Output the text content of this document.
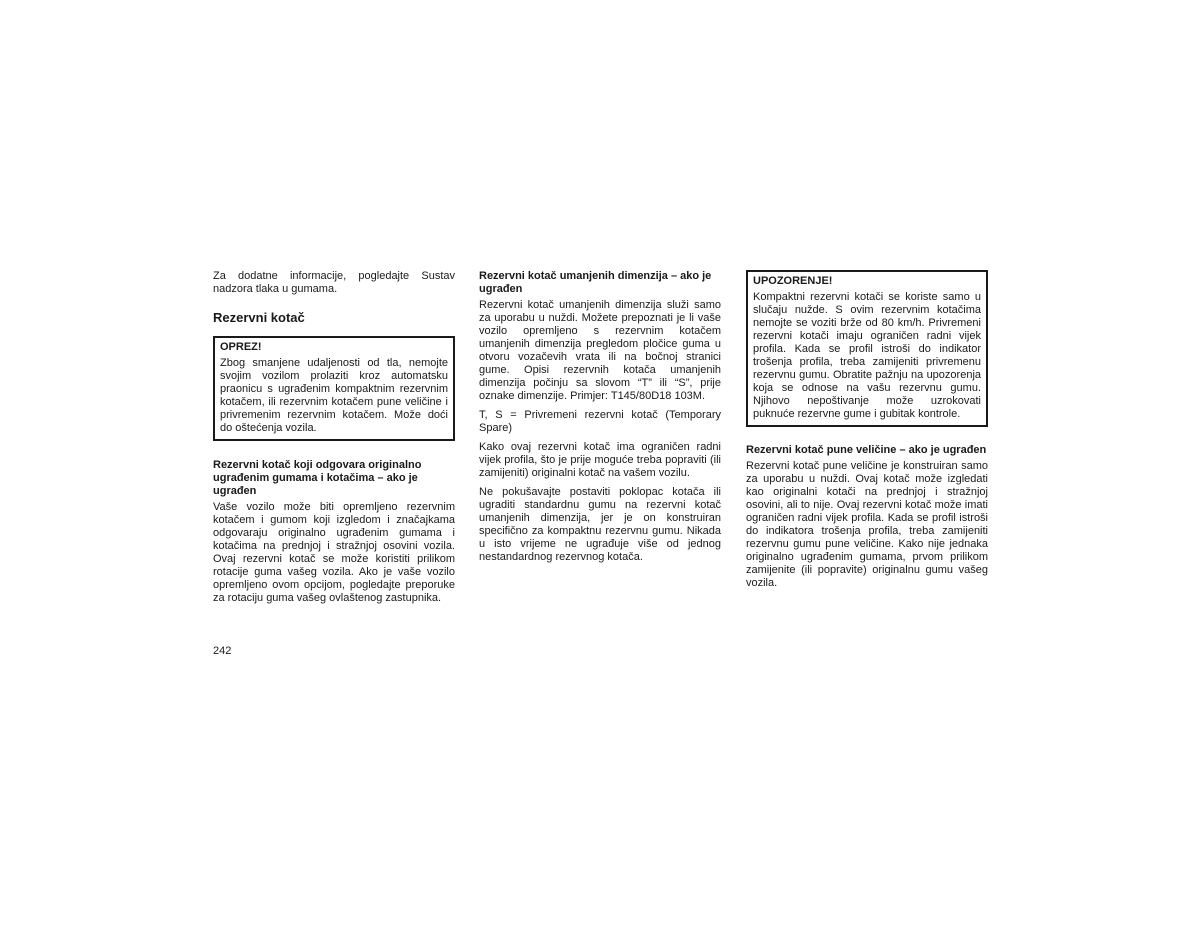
Za dodatne informacije, pogledajte Sustav nadzora tlaka u gumama.

Rezervni kotač
OPREZ!

Zbog smanjene udaljenosti od tla, nemojte svojim vozilom prolaziti kroz automatsku praonicu s ugrađenim kompaktnim rezervnim kotačem, ili rezervnim kotačem pune veličine i privremenim rezervnim kotačem. Može doći do oštećenja vozila.

Rezervni kotač koji odgovara originalno ugrađenim gumama i kotačima – ako je ugrađen

Vaše vozilo može biti opremljeno rezervnim kotačem i gumom koji izgledom i značajkama odgovaraju originalno ugrađenim gumama i kotačima na prednjoj i stražnjoj osovini vozila. Ovaj rezervni kotač se može koristiti prilikom rotacije guma vašeg vozila. Ako je vaše vozilo opremljeno ovom opcijom, pogledajte preporuke za rotaciju guma vašeg ovlaštenog zastupnika.

Rezervni kotač umanjenih dimenzija – ako je ugrađen

Rezervni kotač umanjenih dimenzija služi samo za uporabu u nuždi. Možete prepoznati je li vaše vozilo opremljeno s rezervnim kotačem umanjenih dimenzija pregledom pločice guma u otvoru vozačevih vrata ili na bočnoj stranici gume. Opisi rezervnih kotača umanjenih dimenzija počinju sa slovom “T” ili “S”, prije oznake dimenzije. Primjer: T145/80D18 103M.

T, S = Privremeni rezervni kotač (Temporary Spare)

Kako ovaj rezervni kotač ima ograničen radni vijek profila, što je prije moguće treba popraviti (ili zamijeniti) originalni kotač na vašem vozilu.

Ne pokušavajte postaviti poklopac kotača ili ugraditi standardnu gumu na rezervni kotač umanjenih dimenzija, jer je on konstruiran specifično za kompaktnu rezervnu gumu. Nikada u isto vrijeme ne ugrađuje više od jednog nestandardnog rezervnog kotača.

UPOZORENJE!

Kompaktni rezervni kotači se koriste samo u slučaju nužde. S ovim rezervnim kotačima nemojte se voziti brže od 80 km/h. Privremeni rezervni kotači imaju ograničen radni vijek profila. Kada se profil istroši do indikator trošenja profila, treba zamijeniti privremenu rezervnu gumu. Obratite pažnju na upozorenja koja se odnose na vašu rezervnu gumu. Njihovo nepoštivanje može uzrokovati puknuće rezervne gume i gubitak kontrole.

Rezervni kotač pune veličine – ako je ugrađen

Rezervni kotač pune veličine je konstruiran samo za uporabu u nuždi. Ovaj kotač može izgledati kao originalni kotači na prednjoj i stražnjoj osovini, ali to nije. Ovaj rezervni kotač može imati ograničen radni vijek profila. Kada se profil istroši do indikatora trošenja profila, treba zamijeniti rezervnu gumu pune veličine. Kako nije jednaka originalno ugrađenim gumama, prvom prilikom zamijenite (ili popravite) originalnu gumu vašeg vozila.

242
